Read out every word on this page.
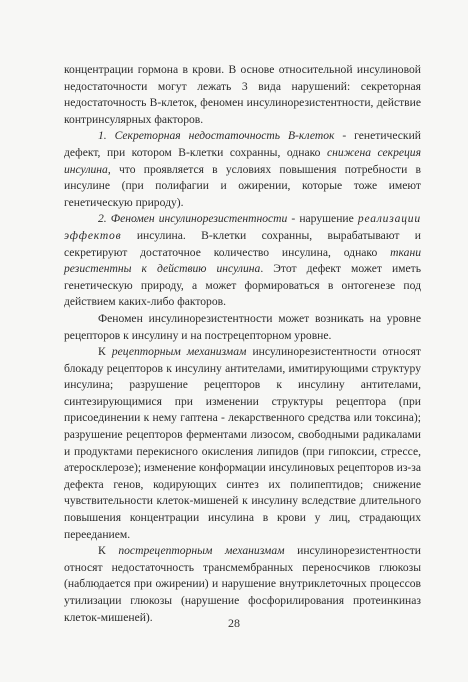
концентрации гормона в крови. В основе относительной инсулиновой недостаточности могут лежать 3 вида нарушений: секреторная недостаточность В-клеток, феномен инсулинорезистентности, действие контринсулярных факторов.

1. Секреторная недостаточность В-клеток - генетический дефект, при котором В-клетки сохранны, однако снижена секреция инсулина, что проявляется в условиях повышения потребности в инсулине (при полифагии и ожирении, которые тоже имеют генетическую природу).

2. Феномен инсулинорезистентности - нарушение реализации эффектов инсулина. В-клетки сохранны, вырабатывают и секретируют достаточное количество инсулина, однако ткани резистентны к действию инсулина. Этот дефект может иметь генетическую природу, а может формироваться в онтогенезе под действием каких-либо факторов.

Феномен инсулинорезистентности может возникать на уровне рецепторов к инсулину и на пострецепторном уровне.

К рецепторным механизмам инсулинорезистентности относят блокаду рецепторов к инсулину антителами, имитирующими структуру инсулина; разрушение рецепторов к инсулину антителами, синтезирующимися при изменении структуры рецептора (при присоединении к нему гаптена - лекарственного средства или токсина); разрушение рецепторов ферментами лизосом, свободными радикалами и продуктами перекисного окисления липидов (при гипоксии, стрессе, атеросклерозе); изменение конформации инсулиновых рецепторов из-за дефекта генов, кодирующих синтез их полипептидов; снижение чувствительности клеток-мишеней к инсулину вследствие длительного повышения концентрации инсулина в крови у лиц, страдающих перееданием.

К пострецепторным механизмам инсулинорезистентности относят недостаточность трансмембранных переносчиков глюкозы (наблюдается при ожирении) и нарушение внутриклеточных процессов утилизации глюкозы (нарушение фосфорилирования протеинкиназ клеток-мишеней).	28
